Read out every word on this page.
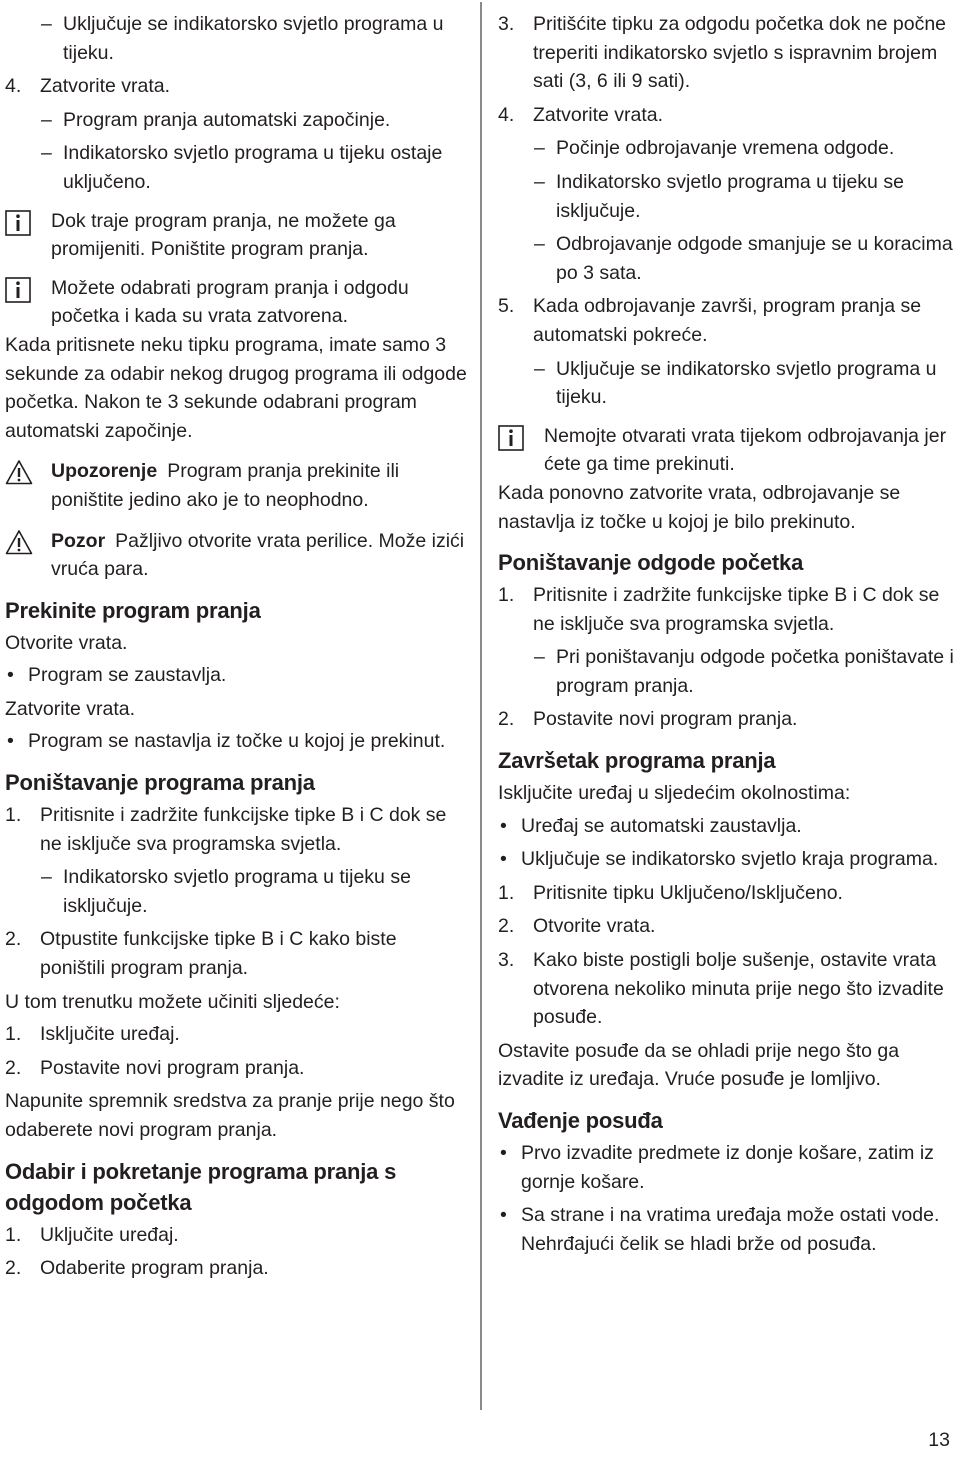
– Uključuje se indikatorsko svjetlo programa u tijeku.
4. Zatvorite vrata.
– Program pranja automatski započinje.
– Indikatorsko svjetlo programa u tijeku ostaje uključeno.
Dok traje program pranja, ne možete ga promijeniti. Poništite program pranja.
Možete odabrati program pranja i odgodu početka i kada su vrata zatvorena.
Kada pritisnete neku tipku programa, imate samo 3 sekunde za odabir nekog drugog programa ili odgode početka. Nakon te 3 sekunde odabrani program automatski započinje.
Upozorenje Program pranja prekinite ili poništite jedino ako je to neophodno.
Pozor Pažljivo otvorite vrata perilice. Može izići vruća para.
Prekinite program pranja
Otvorite vrata.
• Program se zaustavlja.
Zatvorite vrata.
• Program se nastavlja iz točke u kojoj je prekinut.
Poništavanje programa pranja
1. Pritisnite i zadržite funkcijske tipke B i C dok se ne isključe sva programska svjetla.
– Indikatorsko svjetlo programa u tijeku se isključuje.
2. Otpustite funkcijske tipke B i C kako biste poništili program pranja.
U tom trenutku možete učiniti sljedeće:
1. Isključite uređaj.
2. Postavite novi program pranja.
Napunite spremnik sredstva za pranje prije nego što odaberete novi program pranja.
Odabir i pokretanje programa pranja s odgodom početka
1. Uključite uređaj.
2. Odaberite program pranja.
3. Pritišćite tipku za odgodu početka dok ne počne treperiti indikatorsko svjetlo s ispravnim brojem sati (3, 6 ili 9 sati).
4. Zatvorite vrata.
– Počinje odbrojavanje vremena odgode.
– Indikatorsko svjetlo programa u tijeku se isključuje.
– Odbrojavanje odgode smanjuje se u koracima po 3 sata.
5. Kada odbrojavanje završi, program pranja se automatski pokreće.
– Uključuje se indikatorsko svjetlo programa u tijeku.
Nemojte otvarati vrata tijekom odbrojavanja jer ćete ga time prekinuti.
Kada ponovno zatvorite vrata, odbrojavanje se nastavlja iz točke u kojoj je bilo prekinuto.
Poništavanje odgode početka
1. Pritisnite i zadržite funkcijske tipke B i C dok se ne isključe sva programska svjetla.
– Pri poništavanju odgode početka poništavate i program pranja.
2. Postavite novi program pranja.
Završetak programa pranja
Isključite uređaj u sljedećim okolnostima:
• Uređaj se automatski zaustavlja.
• Uključuje se indikatorsko svjetlo kraja programa.
1. Pritisnite tipku Uključeno/Isključeno.
2. Otvorite vrata.
3. Kako biste postigli bolje sušenje, ostavite vrata otvorena nekoliko minuta prije nego što izvadite posuđe.
Ostavite posuđe da se ohladi prije nego što ga izvadite iz uređaja. Vruće posuđe je lomljivo.
Vađenje posuđa
• Prvo izvadite predmete iz donje košare, zatim iz gornje košare.
• Sa strane i na vratima uređaja može ostati vode. Nehrđajući čelik se hladi brže od posuđa.
13
